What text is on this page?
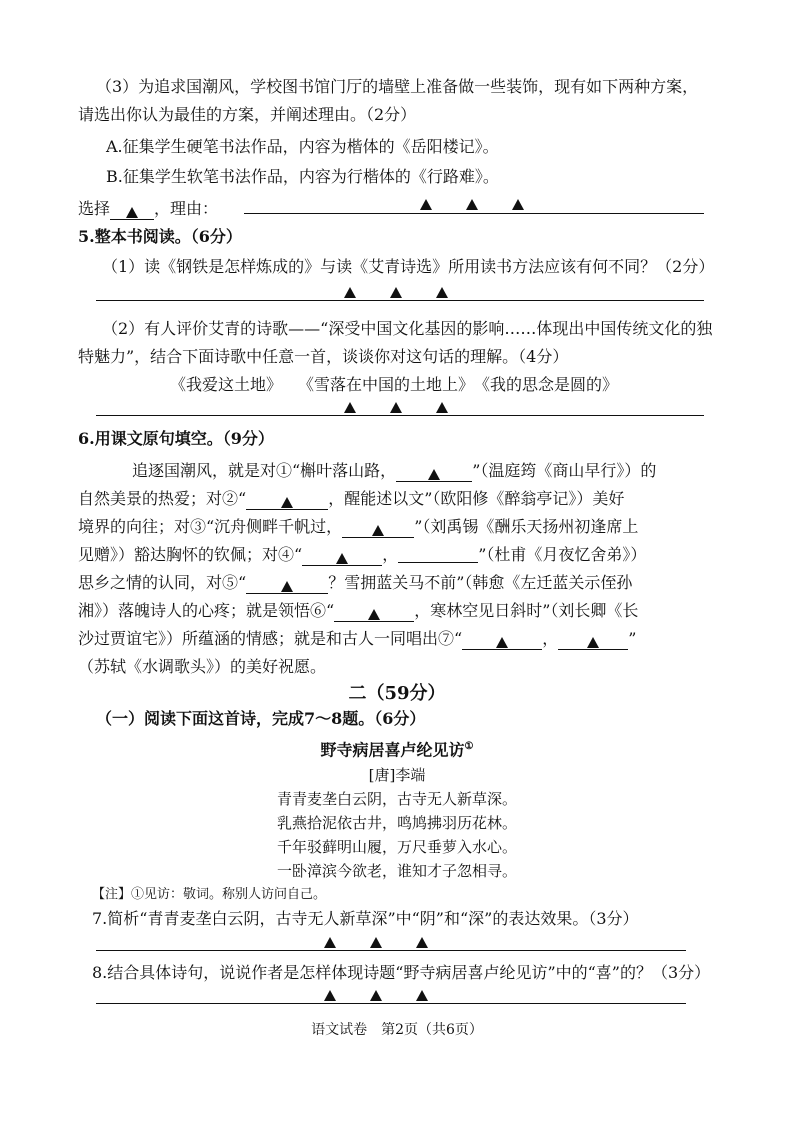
（3）为追求国潮风，学校图书馆门厅的墙壁上准备做一些装饰，现有如下两种方案，
请选出你认为最佳的方案，并阐述理由。（2分）
A.征集学生硬笔书法作品，内容为楷体的《岳阳楼记》。
B.征集学生软笔书法作品，内容为行楷体的《行路难》。
选择	，理由：
5.整本书阅读。（6分）
（1）读《钢铁是怎样炼成的》与读《艾青诗选》所用读书方法应该有何不同？（2分）
（2）有人评价艾青的诗歌——“深受中国文化基因的影响……体现出中国传统文化的独
特魅力”，结合下面诗歌中任意一首，谈谈你对这句话的理解。（4分）
《我爱这土地》 《雪落在中国的土地上》 《我的思念是圆的》
6.用课文原句填空。（9分）
追逐国潮风，就是对①“槲叶落山路，	”（温庭筠《商山早行》）的
自然美景的热爱；对②“	，醒能述以文”（欧阳修《醉翁亭记》）美好
境界的向往；对③“沉舟侧畔千帆过，	”（刘禹锡《酬乐天扬州初逢席上
见赠》）豁达胸怀的钦佩；对④“	，	”（杜甫《月夜忆舍弟》）
思乡之情的认同，对⑤“	？雪拥蓝关马不前”（韩愈《左迁蓝关示侄孙
湘》）落魄诗人的心疼；就是领悟⑥“	，寒林空见日斜时”（刘长卿《长
沙过贾谊宅》）所蕴涵的情感；就是和古人一同唱出⑦“	，	”
（苏轼《水调歌头》）的美好祝愿。
二（59分）
（一）阅读下面这首诗，完成7～8题。（6分）
野寺病居喜卢纶见访①
[唐]李端
青青麦垄白云阴，古寺无人新草深。
乳燕拾泥依古井，鸣鸠拂羽历花林。
千年驳藓明山履，万尺垂萝入水心。
一卧漳滨今欲老，谁知才子忽相寻。
【注】①见访：敬词。称别人访问自己。
7.简析“青青麦垄白云阴，古寺无人新草深”中“阴”和“深”的表达效果。（3分）
8.结合具体诗句，说说作者是怎样体现诗题“野寺病居喜卢纶见访”中的“喜”的？（3分）
语文试卷　第2页（共6页）
